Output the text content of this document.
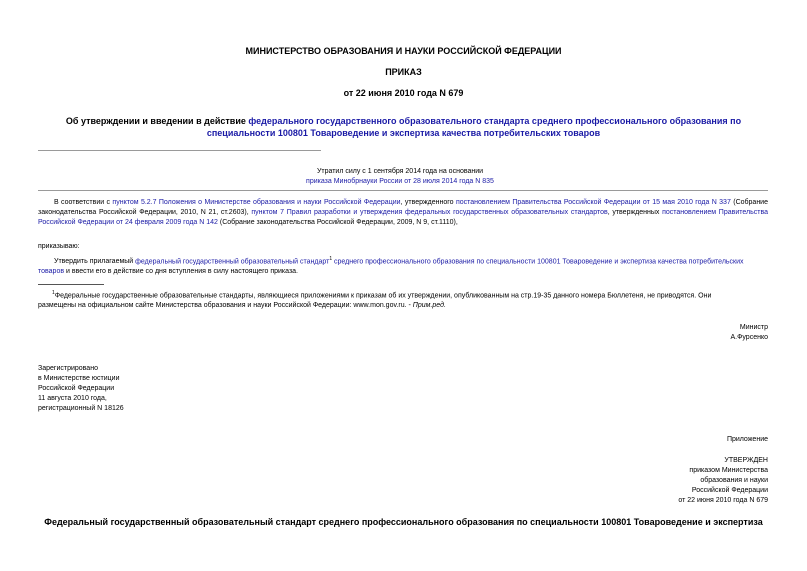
МИНИСТЕРСТВО ОБРАЗОВАНИЯ И НАУКИ РОССИЙСКОЙ ФЕДЕРАЦИИ
ПРИКАЗ
от 22 июня 2010 года N 679
Об утверждении и введении в действие федерального государственного образовательного стандарта среднего профессионального образования по
специальности 100801 Товароведение и экспертиза качества потребительских товаров
Утратил силу с 1 сентября 2014 года на основании
приказа Минобрнауки России от 28 июля 2014 года N 835
В соответствии с пунктом 5.2.7 Положения о Министерстве образования и науки Российской Федерации, утвержденного постановлением Правительства Российской Федерации от 15 мая 2010 года N 337 (Собрание законодательства Российской Федерации, 2010, N 21, ст.2603), пунктом 7 Правил разработки и утверждения федеральных государственных образовательных стандартов, утвержденных постановлением Правительства Российской Федерации от 24 февраля 2009 года N 142 (Собрание законодательства Российской Федерации, 2009, N 9, ст.1110),
приказываю:
Утвердить прилагаемый федеральный государственный образовательный стандарт$^1$ среднего профессионального образования по специальности 100801 Товароведение и экспертиза качества потребительских
товаров и ввести его в действие со дня вступления в силу настоящего приказа.
$^1$Федеральные государственные образовательные стандарты, являющиеся приложениями к приказам об их утверждении, опубликованным на стр.19-35 данного номера Бюллетеня, не приводятся. Они
размещены на официальном сайте Министерства образования и науки Российской Федерации: www.mon.gov.ru. - Прим.ред.
Министр
А.Фурсенко
Зарегистрировано
в Министерстве юстиции
Российской Федерации
11 августа 2010 года,
регистрационный N 18126
Приложение
УТВЕРЖДЕН
приказом Министерства
образования и науки
Российской Федерации
от 22 июня 2010 года N 679
Федеральный государственный образовательный стандарт среднего профессионального образования по специальности 100801 Товароведение и экспертиза
